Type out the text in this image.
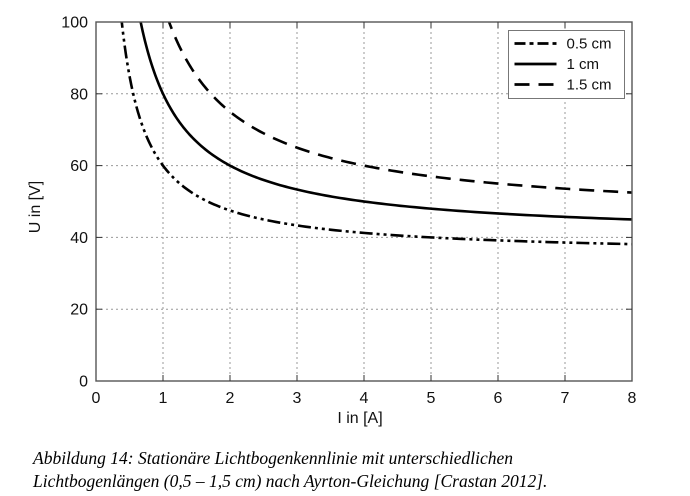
0	1	2	3	4	5	6	7	8
0
20
40
60
80
100
I in [A]
U in [V]
0.5 cm
1 cm
1.5 cm
Abbildung 14: Stationäre Lichtbogenkennlinie mit unterschiedlichen
Lichtbogenlängen (0,5 – 1,5 cm) nach Ayrton-Gleichung [Crastan 2012].
